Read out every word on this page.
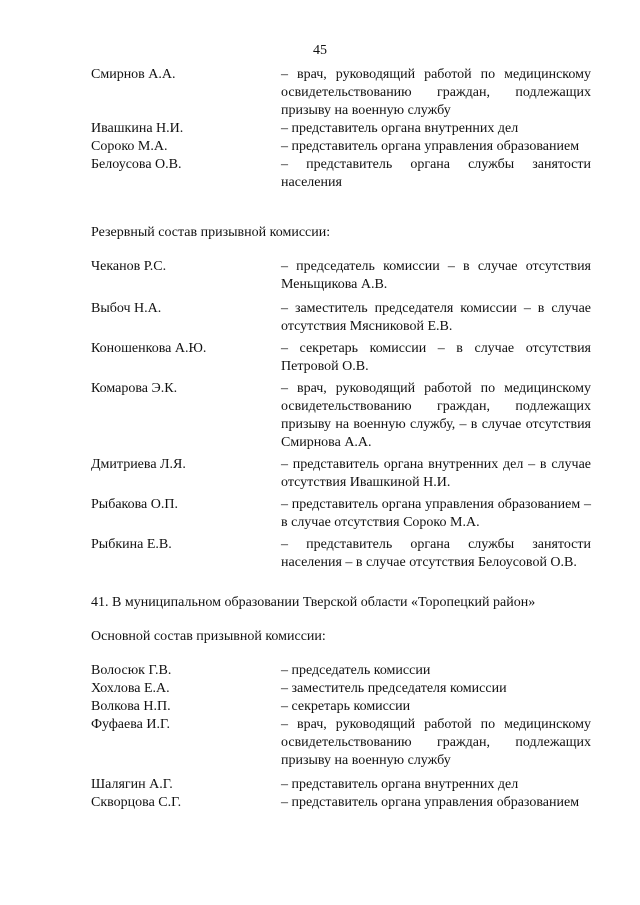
45
Смирнов А.А.	– врач, руководящий работой по медицинскому освидетельствованию граждан, подлежащих призыву на военную службу
Ивашкина Н.И.	– представитель органа внутренних дел
Сороко М.А.	– представитель органа управления образованием
Белоусова О.В.	– представитель органа службы занятости населения
Резервный состав призывной комиссии:
Чеканов Р.С.	– председатель комиссии – в случае отсутствия Меньщикова А.В.
Выбоч Н.А.	– заместитель председателя комиссии – в случае отсутствия Мясниковой Е.В.
Коношенкова А.Ю.	– секретарь комиссии – в случае отсутствия Петровой О.В.
Комарова Э.К.	– врач, руководящий работой по медицинскому освидетельствованию граждан, подлежащих призыву на военную службу, – в случае отсутствия Смирнова А.А.
Дмитриева Л.Я.	– представитель органа внутренних дел – в случае отсутствия Ивашкиной Н.И.
Рыбакова О.П.	– представитель органа управления образованием – в случае отсутствия Сороко М.А.
Рыбкина Е.В.	– представитель органа службы занятости населения – в случае отсутствия Белоусовой О.В.
41. В муниципальном образовании Тверской области «Торопецкий район»
Основной состав призывной комиссии:
Волосюк Г.В.	– председатель комиссии
Хохлова Е.А.	– заместитель председателя комиссии
Волкова Н.П.	– секретарь комиссии
Фуфаева И.Г.	– врач, руководящий работой по медицинскому освидетельствованию граждан, подлежащих призыву на военную службу
Шалягин А.Г.	– представитель органа внутренних дел
Скворцова С.Г.	– представитель органа управления образованием
